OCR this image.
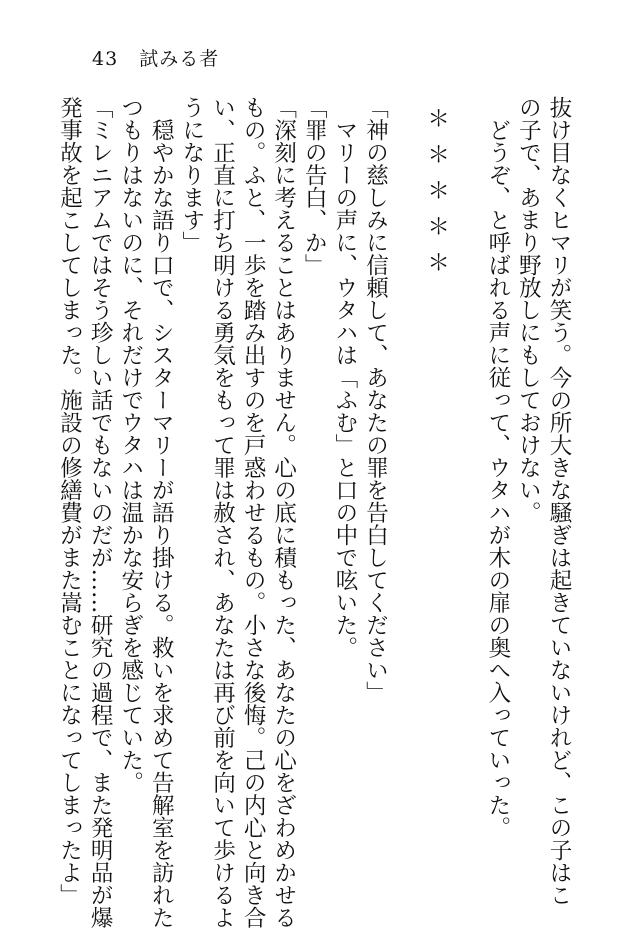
43 試みる者

抜け目なくヒマリが笑う。今の所大きな騒ぎは起きていないけれど、この子はこ

の子で、あまり野放しにもしておけない。

　どうぞ、と呼ばれる声に従って、ウタハが木の扉の奥へ入っていった。

＊＊＊＊＊

「神の慈しみに信頼して、あなたの罪を告白してください」

　マリーの声に、ウタハは「ふむ」と口の中で呟いた。

「罪の告白、か」

「深刻に考えることはありません。心の底に積もった、あなたの心をざわめかせる

もの。ふと、一歩を踏み出すのを戸惑わせるもの。小さな後悔。己の内心と向き合

い、正直に打ち明ける勇気をもって罪は赦され、あなたは再び前を向いて歩けるよ

うになります」

　穏やかな語り口で、シスターマリーが語り掛ける。救いを求めて告解室を訪れた

つもりはないのに、それだけでウタハは温かな安らぎを感じていた。

「ミレニアムではそう珍しい話でもないのだが……研究の過程で、また発明品が爆

発事故を起こしてしまった。施設の修繕費がまた嵩むことになってしまったよ」
